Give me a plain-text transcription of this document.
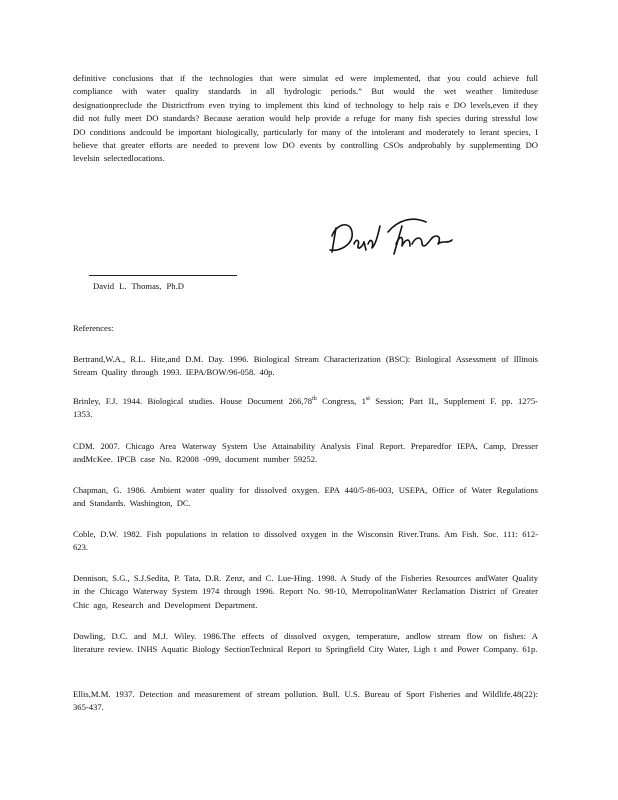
definitive conclusions that if the technologies that were simulat ed were implemented, that you could achieve full compliance with water quality standards in all hydrologic periods.” But would the wet weather limiteduse designationpreclude the Districtfrom even trying to implement this kind of technology to help rais e DO levels,even if they did not fully meet DO standards? Because aeration would help provide a refuge for many fish species during stressful low DO conditions andcould be important biologically, particularly for many of the intolerant and moderately to lerant species, I believe that greater efforts are needed to prevent low DO events by controlling CSOs andprobably by supplementing DO levelsin selectedlocations.

David L. Thomas, Ph.D
References:
Bertrand,W.A., R.L. Hite,and D.M. Day. 1996. Biological Stream Characterization (BSC): Biological Assessment of Illinois Stream Quality through 1993. IEPA/BOW/96-058. 40p.
Brinley, F.J. 1944. Biological studies. House Document 266,78th Congress, 1st Session; Part II,, Supplement F. pp. 1275-1353.
CDM. 2007. Chicago Area Waterway System Use Attainability Analysis Final Report. Preparedfor IEPA, Camp, Dresser andMcKee. IPCB case No. R2008 -099, document number 59252.
Chapman, G. 1986. Ambient water quality for dissolved oxygen. EPA 440/5-86-003, USEPA, Office of Water Regulations and Standards. Washington, DC.
Coble, D.W. 1982. Fish populations in relation to dissolved oxygen in the Wisconsin River.Trans. Am Fish. Soc. 111: 612-623.
Dennison, S.G., S.J.Sedita, P. Tata, D.R. Zenz, and C. Lue-Hing. 1998. A Study of the Fisheries Resources andWater Quality in the Chicago Waterway System 1974 through 1996. Report No. 98-10, MetropolitanWater Reclamation District of Greater Chic ago, Research and Development Department.
Dowling, D.C. and M.J. Wiley. 1986.The effects of dissolved oxygen, temperature, andlow stream flow on fishes: A literature review. INHS Aquatic Biology SectionTechnical Report to Springfield City Water, Ligh t and Power Company. 61p.
Ellis,M.M. 1937. Detection and measurement of stream pollution. Bull. U.S. Bureau of Sport Fisheries and Wildlife.48(22): 365-437.
